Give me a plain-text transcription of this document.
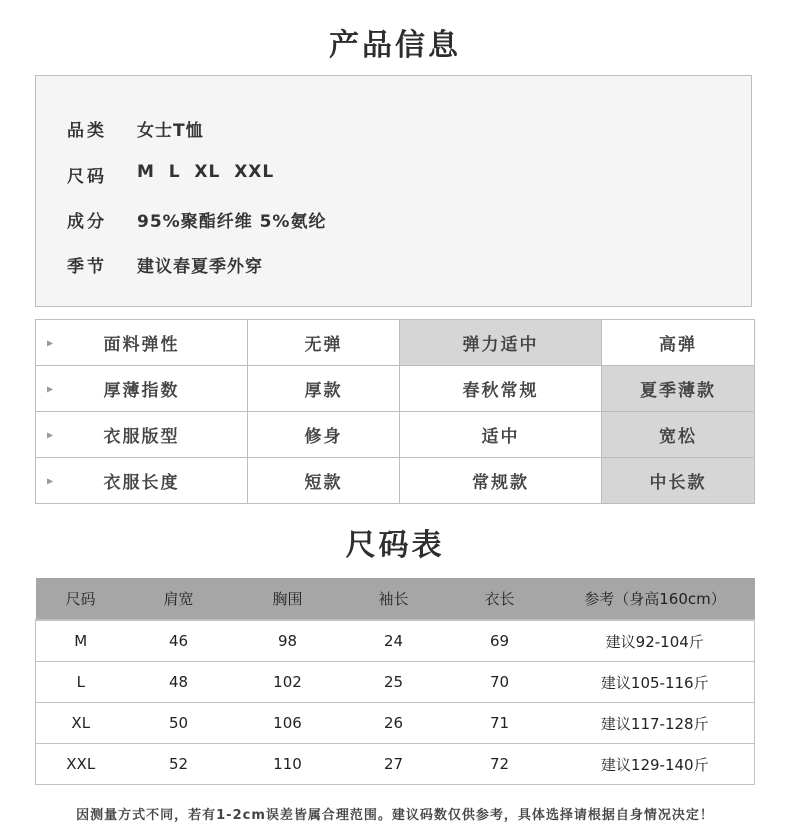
产品信息
品类	女士T恤
尺码	M  L  XL  XXL
成分	95%聚酯纤维 5%氨纶
季节	建议春夏季外穿
▶ 面料弹性	无弹	弹力适中	高弹

▶ 厚薄指数	厚款	春秋常规	夏季薄款

▶ 衣服版型	修身	适中	宽松

▶ 衣服长度	短款	常规款	中长款
尺码表
尺码	肩宽	胸围	袖长	衣长	参考（身高160cm）
M	46	98	24	69	建议92-104斤
L	48	102	25	70	建议105-116斤
XL	50	106	26	71	建议117-128斤
XXL	52	110	27	72	建议129-140斤
因测量方式不同，若有1-2cm误差皆属合理范围。建议码数仅供参考，具体选择请根据自身情况决定！
